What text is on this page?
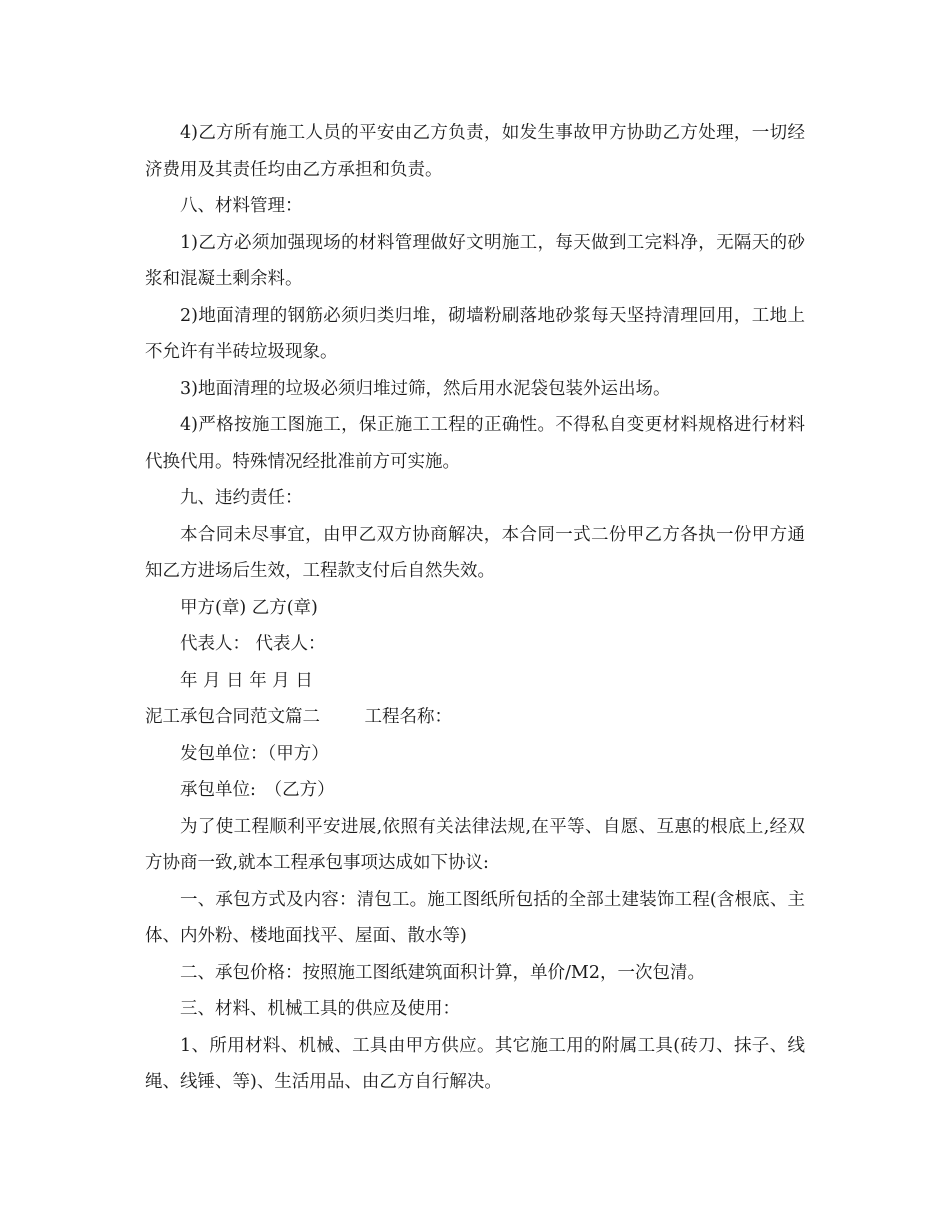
4)乙方所有施工人员的平安由乙方负责，如发生事故甲方协助乙方处理，一切经济费用及其责任均由乙方承担和负责。

八、材料管理：

1)乙方必须加强现场的材料管理做好文明施工，每天做到工完料净，无隔天的砂浆和混凝土剩余料。

2)地面清理的钢筋必须归类归堆，砌墙粉刷落地砂浆每天坚持清理回用，工地上不允许有半砖垃圾现象。

3)地面清理的垃圾必须归堆过筛，然后用水泥袋包装外运出场。

4)严格按施工图施工，保正施工工程的正确性。不得私自变更材料规格进行材料代换代用。特殊情况经批准前方可实施。

九、违约责任：

本合同未尽事宜，由甲乙双方协商解决，本合同一式二份甲乙方各执一份甲方通知乙方进场后生效，工程款支付后自然失效。

甲方(章) 乙方(章)

代表人： 代表人：

年 月 日 年 月 日

泥工承包合同范文篇二	工程名称：

发包单位：（甲方）

承包单位:　（乙方）

为了使工程顺利平安进展,依照有关法律法规,在平等、自愿、互惠的根底上,经双方协商一致,就本工程承包事项达成如下协议:

一、承包方式及内容：清包工。施工图纸所包括的全部土建装饰工程(含根底、主体、内外粉、楼地面找平、屋面、散水等)

二、承包价格：按照施工图纸建筑面积计算，单价/M2，一次包清。

三、材料、机械工具的供应及使用：

1、所用材料、机械、工具由甲方供应。其它施工用的附属工具(砖刀、抹子、线绳、线锤、等)、生活用品、由乙方自行解决。
